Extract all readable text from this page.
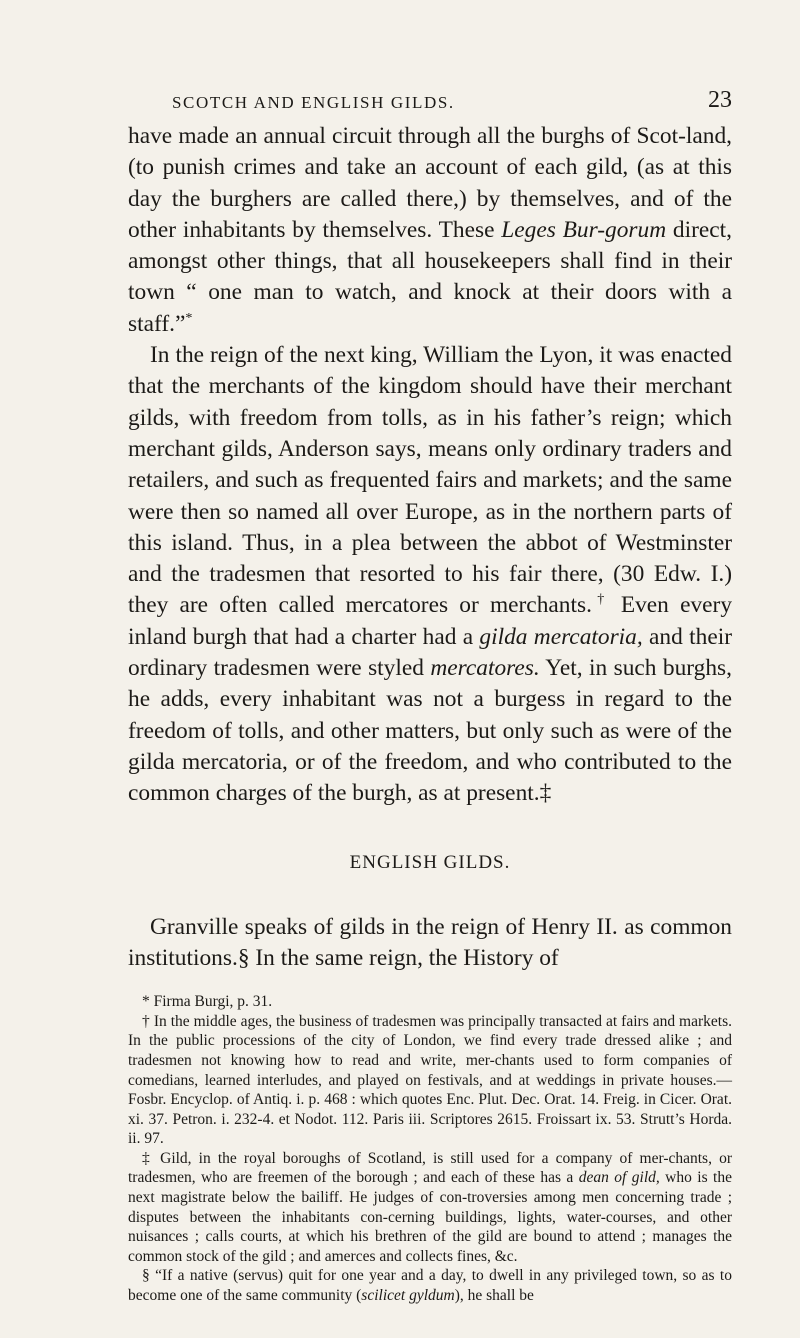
SCOTCH AND ENGLISH GILDS.	23

have made an annual circuit through all the burghs of Scot-land, (to punish crimes and take an account of each gild, (as at this day the burghers are called there,) by themselves, and of the other inhabitants by themselves. These Leges Bur-gorum direct, amongst other things, that all housekeepers shall find in their town “ one man to watch, and knock at their doors with a staff.”*

In the reign of the next king, William the Lyon, it was enacted that the merchants of the kingdom should have their merchant gilds, with freedom from tolls, as in his father’s reign; which merchant gilds, Anderson says, means only ordinary traders and retailers, and such as frequented fairs and markets; and the same were then so named all over Europe, as in the northern parts of this island. Thus, in a plea between the abbot of Westminster and the tradesmen that resorted to his fair there, (30 Edw. I.) they are often called mercatores or merchants.† Even every inland burgh that had a charter had a gilda mercatoria, and their ordinary tradesmen were styled mercatores. Yet, in such burghs, he adds, every inhabitant was not a burgess in regard to the freedom of tolls, and other matters, but only such as were of the gilda mercatoria, or of the freedom, and who contributed to the common charges of the burgh, as at present.‡

ENGLISH GILDS.

Granville speaks of gilds in the reign of Henry II. as common institutions.§ In the same reign, the History of

* Firma Burgi, p. 31.

† In the middle ages, the business of tradesmen was principally transacted at fairs and markets. In the public processions of the city of London, we find every trade dressed alike ; and tradesmen not knowing how to read and write, mer-chants used to form companies of comedians, learned interludes, and played on festivals, and at weddings in private houses.—Fosbr. Encyclop. of Antiq. i. p. 468 : which quotes Enc. Plut. Dec. Orat. 14. Freig. in Cicer. Orat. xi. 37. Petron. i. 232-4. et Nodot. 112. Paris iii. Scriptores 2615. Froissart ix. 53. Strutt’s Horda. ii. 97.

‡ Gild, in the royal boroughs of Scotland, is still used for a company of mer-chants, or tradesmen, who are freemen of the borough ; and each of these has a dean of gild, who is the next magistrate below the bailiff. He judges of con-troversies among men concerning trade ; disputes between the inhabitants con-cerning buildings, lights, water-courses, and other nuisances ; calls courts, at which his brethren of the gild are bound to attend ; manages the common stock of the gild ; and amerces and collects fines, &c.

§ “If a native (servus) quit for one year and a day, to dwell in any privileged town, so as to become one of the same community (scilicet gyldum), he shall be
